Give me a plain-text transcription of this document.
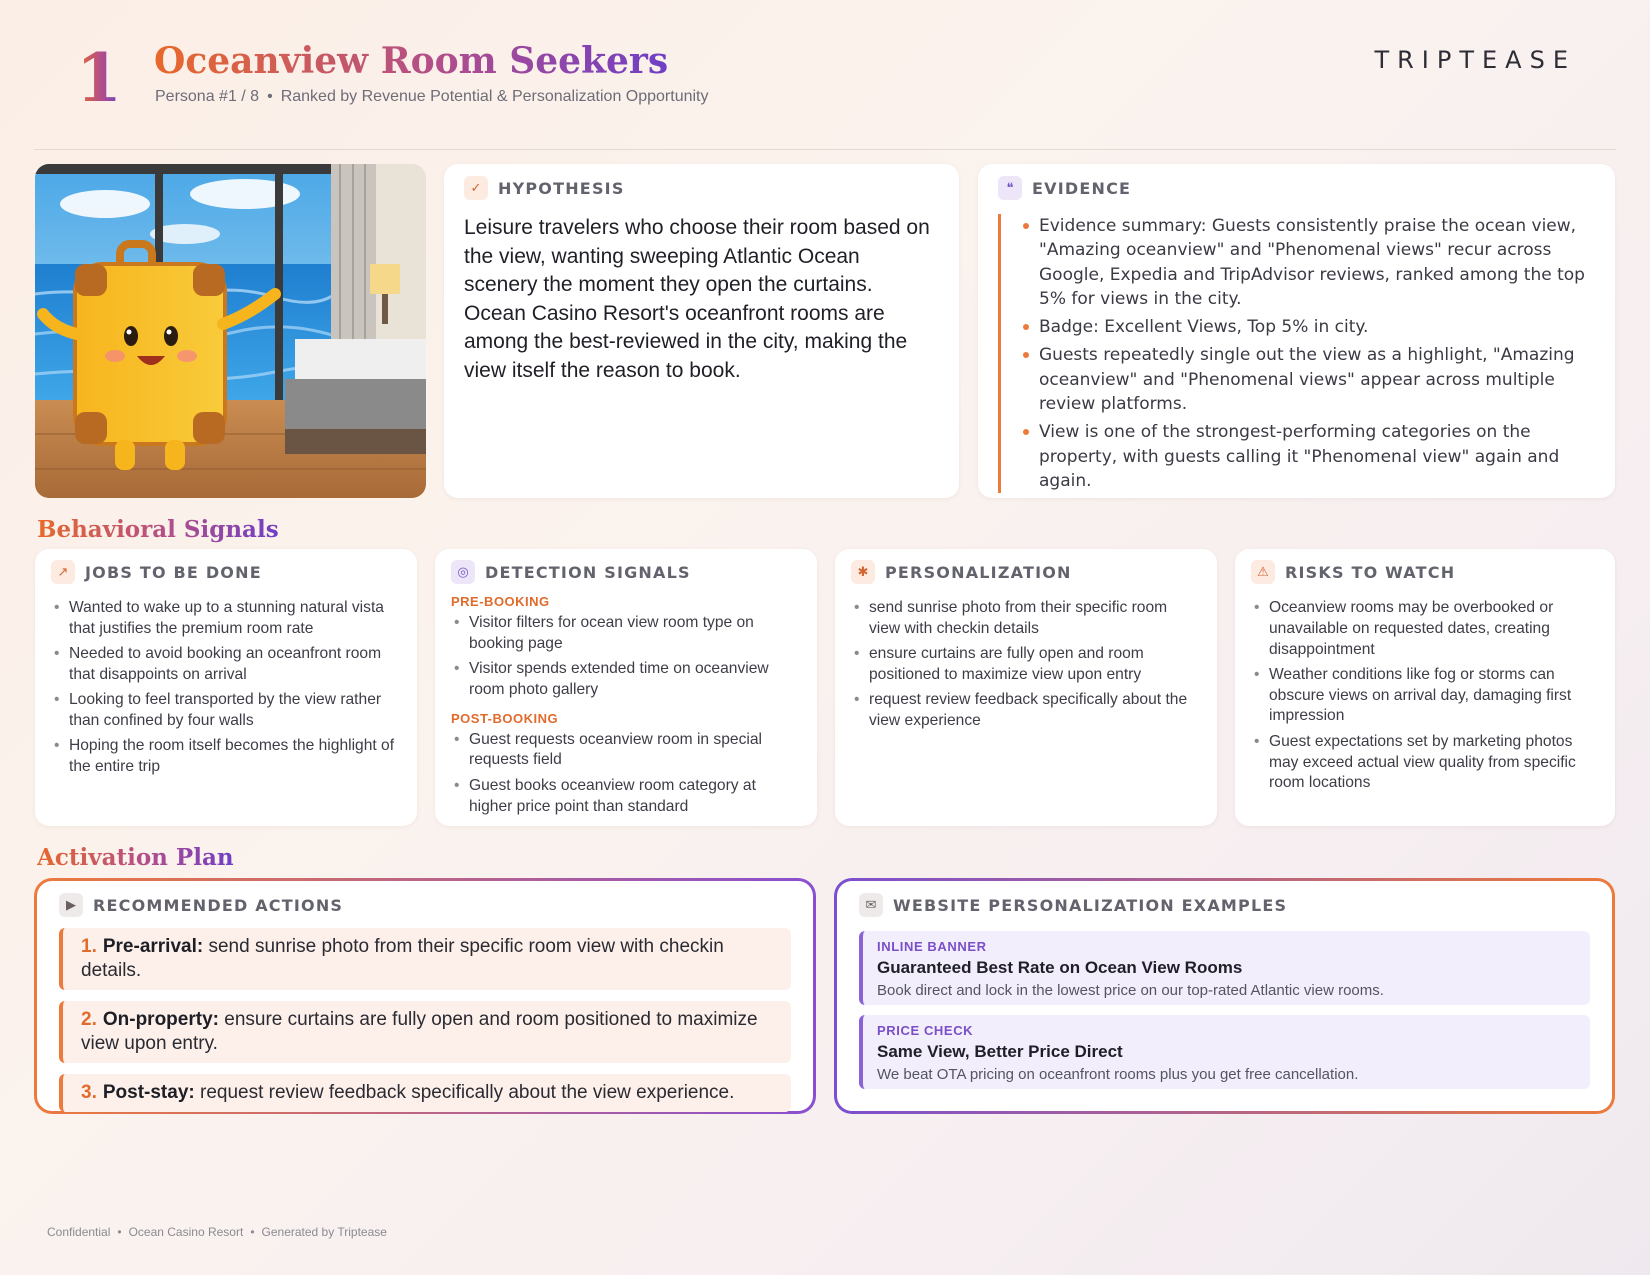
1 Oceanview Room Seekers
Persona #1 / 8 • Ranked by Revenue Potential & Personalization Opportunity
TRIPTEASE
✓	HYPOTHESIS
Leisure travelers who choose their room based on the view, wanting sweeping Atlantic Ocean scenery the moment they open the curtains. Ocean Casino Resort's oceanfront rooms are among the best-reviewed in the city, making the view itself the reason to book.
❝	EVIDENCE
Evidence summary: Guests consistently praise the ocean view, "Amazing oceanview" and "Phenomenal views" recur across Google, Expedia and TripAdvisor reviews, ranked among the top 5% for views in the city.
Badge: Excellent Views, Top 5% in city.
Guests repeatedly single out the view as a highlight, "Amazing oceanview" and "Phenomenal views" appear across multiple review platforms.
View is one of the strongest-performing categories on the property, with guests calling it "Phenomenal view" again and again.
Behavioral Signals
↗	JOBS TO BE DONE
• Wanted to wake up to a stunning natural vista that justifies the premium room rate
• Needed to avoid booking an oceanfront room that disappoints on arrival
• Looking to feel transported by the view rather than confined by four walls
• Hoping the room itself becomes the highlight of the entire trip
◎	DETECTION SIGNALS
PRE-BOOKING
• Visitor filters for ocean view room type on booking page
• Visitor spends extended time on oceanview room photo gallery
POST-BOOKING
• Guest requests oceanview room in special requests field
• Guest books oceanview room category at higher price point than standard
✱	PERSONALIZATION
• send sunrise photo from their specific room view with checkin details
• ensure curtains are fully open and room positioned to maximize view upon entry
• request review feedback specifically about the view experience
⚠	RISKS TO WATCH
• Oceanview rooms may be overbooked or unavailable on requested dates, creating disappointment
• Weather conditions like fog or storms can obscure views on arrival day, damaging first impression
• Guest expectations set by marketing photos may exceed actual view quality from specific room locations
Activation Plan
▶	RECOMMENDED ACTIONS
1. Pre-arrival: send sunrise photo from their specific room view with checkin details.
2. On-property: ensure curtains are fully open and room positioned to maximize view upon entry.
3. Post-stay: request review feedback specifically about the view experience.
✉	WEBSITE PERSONALIZATION EXAMPLES
INLINE BANNER
Guaranteed Best Rate on Ocean View Rooms
Book direct and lock in the lowest price on our top-rated Atlantic view rooms.
PRICE CHECK
Same View, Better Price Direct
We beat OTA pricing on oceanfront rooms plus you get free cancellation.
Confidential • Ocean Casino Resort • Generated by Triptease
